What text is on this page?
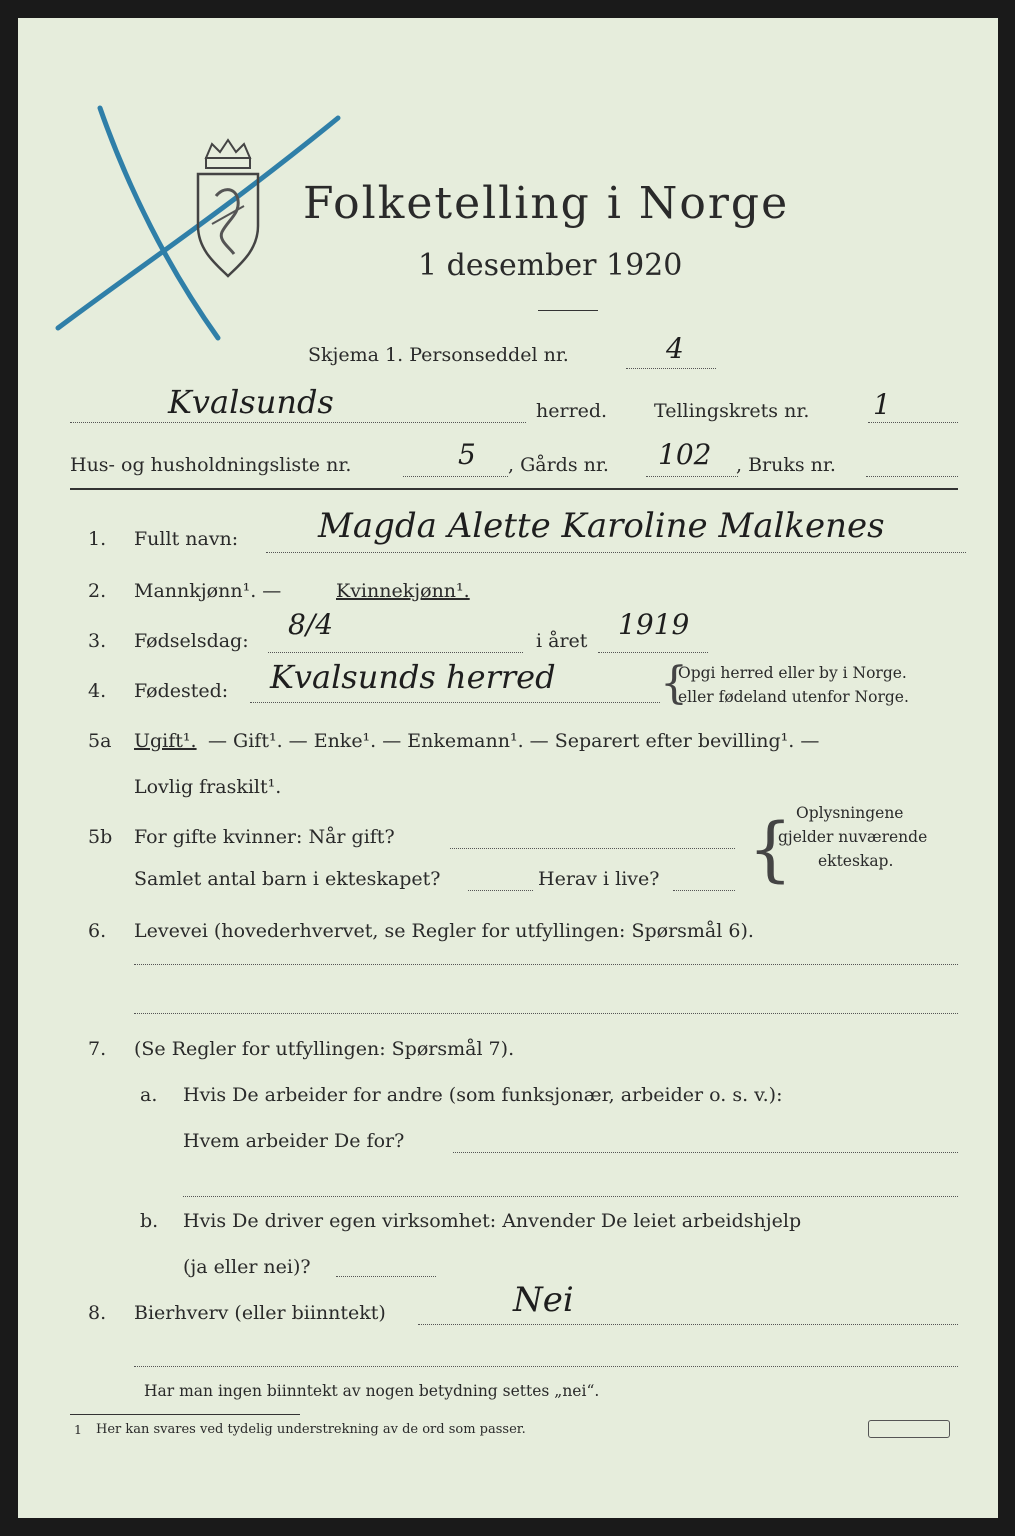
Folketelling i Norge
1 desember 1920
Skjema 1. Personseddel nr.	4
Kvalsunds	herred. Tellingskrets nr. 1
Hus- og husholdningsliste nr.	5 , Gårds nr. 102 , Bruks nr.
1. Fullt navn: Magda Alette Karoline Malkenes
2. Mannkjønn¹. —	Kvinnekjønn¹.
3. Fødselsdag: 8/4	i året 1919
4. Fødested: Kvalsunds herred {
Opgi herred eller by i Norge.
eller fødeland utenfor Norge.
5a Ugift¹. — Gift¹. — Enke¹. — Enkemann¹. — Separert efter bevilling¹. —
Lovlig fraskilt¹.
5b For gifte kvinner: Når gift?
Samlet antal barn i ekteskapet?	Herav i live? { Oplysningene
gjelder nuværende
ekteskap.
6. Levevei (hovederhvervet, se Regler for utfyllingen: Spørsmål 6).
7. (Se Regler for utfyllingen: Spørsmål 7).
a. Hvis De arbeider for andre (som funksjonær, arbeider o. s. v.):
Hvem arbeider De for?
b. Hvis De driver egen virksomhet: Anvender De leiet arbeidshjelp
(ja eller nei)?
8. Bierhverv (eller biinntekt)	Nei
Har man ingen biinntekt av nogen betydning settes „nei“.
1 Her kan svares ved tydelig understrekning av de ord som passer.
